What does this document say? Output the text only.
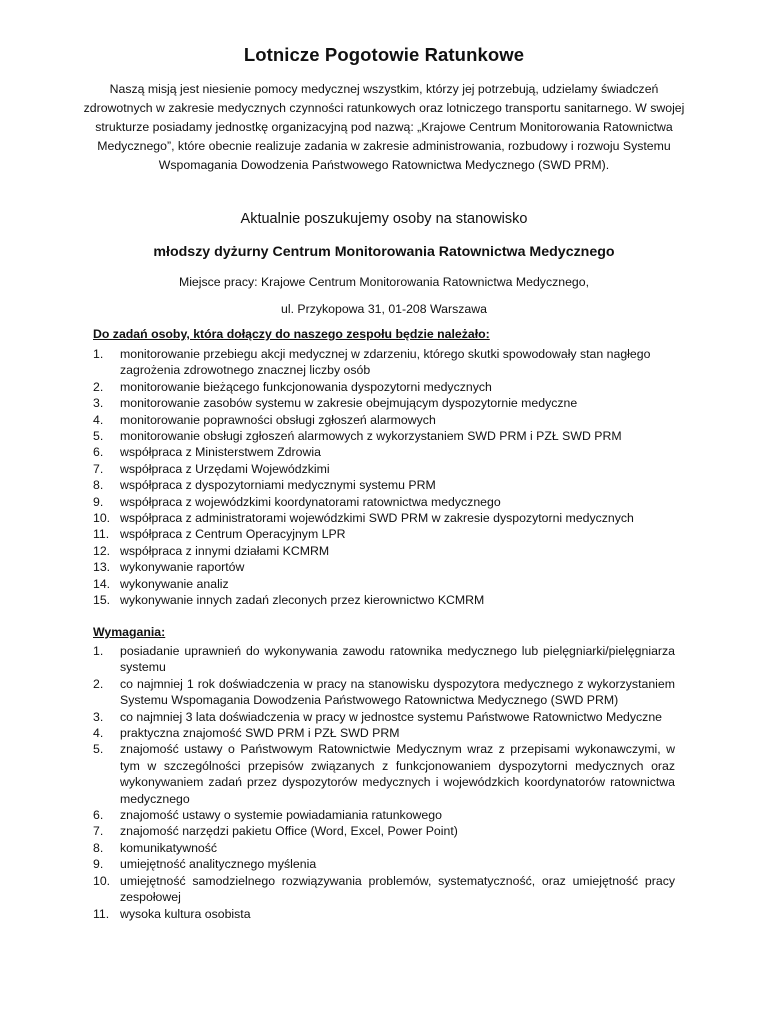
Lotnicze Pogotowie Ratunkowe
Naszą misją jest niesienie pomocy medycznej wszystkim, którzy jej potrzebują, udzielamy świadczeń zdrowotnych w zakresie medycznych czynności ratunkowych oraz lotniczego transportu sanitarnego. W swojej strukturze posiadamy jednostkę organizacyjną pod nazwą: „Krajowe Centrum Monitorowania Ratownictwa Medycznego”, które obecnie realizuje zadania w zakresie administrowania, rozbudowy i rozwoju Systemu Wspomagania Dowodzenia Państwowego Ratownictwa Medycznego (SWD PRM).
Aktualnie poszukujemy osoby na stanowisko
młodszy dyżurny Centrum Monitorowania Ratownictwa Medycznego
Miejsce pracy: Krajowe Centrum Monitorowania Ratownictwa Medycznego,
ul. Przykopowa 31, 01-208 Warszawa
Do zadań osoby, która dołączy do naszego zespołu będzie należało:
1.	monitorowanie przebiegu akcji medycznej w zdarzeniu, którego skutki spowodowały stan nagłego zagrożenia zdrowotnego znacznej liczby osób
2.	monitorowanie bieżącego funkcjonowania dyspozytorni medycznych
3.	monitorowanie zasobów systemu w zakresie obejmującym dyspozytornie medyczne
4.	monitorowanie poprawności obsługi zgłoszeń alarmowych
5.	monitorowanie obsługi zgłoszeń alarmowych z wykorzystaniem SWD PRM i PZŁ SWD PRM
6.	współpraca z Ministerstwem Zdrowia
7.	współpraca z Urzędami Wojewódzkimi
8.	współpraca z dyspozytorniami medycznymi systemu PRM
9.	współpraca z wojewódzkimi koordynatorami ratownictwa medycznego
10. współpraca z administratorami wojewódzkimi SWD PRM w zakresie dyspozytorni medycznych
11. współpraca z Centrum Operacyjnym LPR
12. współpraca z innymi działami KCMRM
13. wykonywanie raportów
14. wykonywanie analiz
15. wykonywanie innych zadań zleconych przez kierownictwo KCMRM
Wymagania:
1.	posiadanie uprawnień do wykonywania zawodu ratownika medycznego lub pielęgniarki/pielęgniarza systemu
2.	co najmniej 1 rok doświadczenia w pracy na stanowisku dyspozytora medycznego z wykorzystaniem Systemu Wspomagania Dowodzenia Państwowego Ratownictwa Medycznego (SWD PRM)
3.	co najmniej 3 lata doświadczenia w pracy w jednostce systemu Państwowe Ratownictwo Medyczne
4.	praktyczna znajomość SWD PRM i PZŁ SWD PRM
5.	znajomość ustawy o Państwowym Ratownictwie Medycznym wraz z przepisami wykonawczymi, w tym w szczególności przepisów związanych z funkcjonowaniem dyspozytorni medycznych oraz wykonywaniem zadań przez dyspozytorów medycznych i wojewódzkich koordynatorów ratownictwa medycznego
6.	znajomość ustawy o systemie powiadamiania ratunkowego
7.	znajomość narzędzi pakietu Office (Word, Excel, Power Point)
8.	komunikatywność
9.	umiejętność analitycznego myślenia
10. umiejętność samodzielnego rozwiązywania problemów, systematyczność, oraz umiejętność pracy zespołowej
11. wysoka kultura osobista
